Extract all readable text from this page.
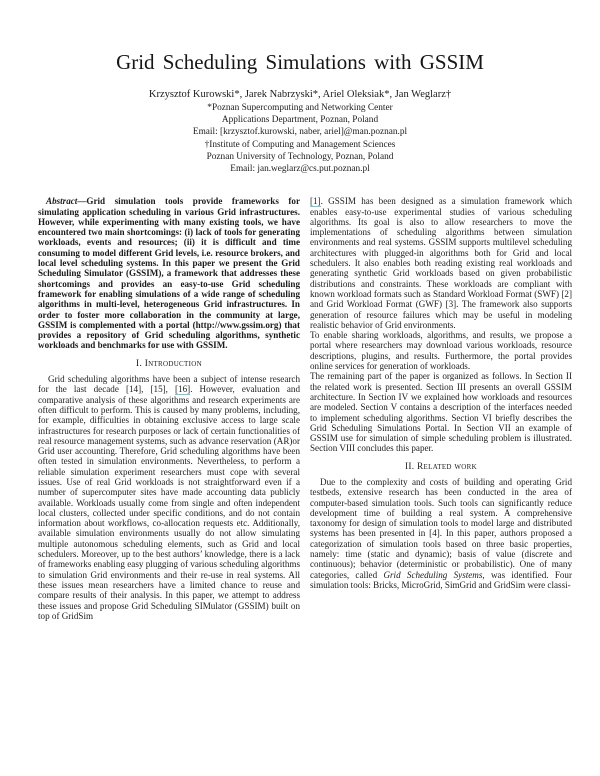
Grid Scheduling Simulations with GSSIM
Krzysztof Kurowski*, Jarek Nabrzyski*, Ariel Oleksiak*, Jan Weglarz†
*Poznan Supercomputing and Networking Center
Applications Department, Poznan, Poland
Email: [krzysztof.kurowski, naber, ariel]@man.poznan.pl
†Institute of Computing and Management Sciences
Poznan University of Technology, Poznan, Poland
Email: jan.weglarz@cs.put.poznan.pl

Abstract—Grid simulation tools provide frameworks for simulating application scheduling in various Grid infrastructures. However, while experimenting with many existing tools, we have encountered two main shortcomings: (i) lack of tools for generating workloads, events and resources; (ii) it is difficult and time consuming to model different Grid levels, i.e. resource brokers, and local level scheduling systems. In this paper we present the Grid Scheduling Simulator (GSSIM), a framework that addresses these shortcomings and provides an easy-to-use Grid scheduling framework for enabling simulations of a wide range of scheduling algorithms in multi-level, heterogeneous Grid infrastructures. In order to foster more collaboration in the community at large, GSSIM is complemented with a portal (http://www.gssim.org) that provides a repository of Grid scheduling algorithms, synthetic workloads and benchmarks for use with GSSIM.

I. Introduction

Grid scheduling algorithms have been a subject of intense research for the last decade [14], [15], [16]. However, evaluation and comparative analysis of these algorithms and research experiments are often difficult to perform. This is caused by many problems, including, for example, difficulties in obtaining exclusive access to large scale infrastructures for research purposes or lack of certain functionalities of real resource management systems, such as advance reservation (AR)or Grid user accounting. Therefore, Grid scheduling algorithms have been often tested in simulation environments. Nevertheless, to perform a reliable simulation experiment researchers must cope with several issues. Use of real Grid workloads is not straightforward even if a number of supercomputer sites have made accounting data publicly available. Workloads usually come from single and often independent local clusters, collected under specific conditions, and do not contain information about workflows, co-allocation requests etc. Additionally, available simulation environments usually do not allow simulating multiple autonomous scheduling elements, such as Grid and local schedulers. Moreover, up to the best authors’ knowledge, there is a lack of frameworks enabling easy plugging of various scheduling algorithms to simulation Grid environments and their re-use in real systems. All these issues mean researchers have a limited chance to reuse and compare results of their analysis. In this paper, we attempt to address these issues and propose Grid Scheduling SIMulator (GSSIM) built on top of GridSim

[1]. GSSIM has been designed as a simulation framework which enables easy-to-use experimental studies of various scheduling algorithms. Its goal is also to allow researchers to move the implementations of scheduling algorithms between simulation environments and real systems. GSSIM supports multilevel scheduling architectures with plugged-in algorithms both for Grid and local schedulers. It also enables both reading existing real workloads and generating synthetic Grid workloads based on given probabilistic distributions and constraints. These workloads are compliant with known workload formats such as Standard Workload Format (SWF) [2] and Grid Workload Format (GWF) [3]. The framework also supports generation of resource failures which may be useful in modeling realistic behavior of Grid environments.

To enable sharing workloads, algorithms, and results, we propose a portal where researchers may download various workloads, resource descriptions, plugins, and results. Furthermore, the portal provides online services for generation of workloads.

The remaining part of the paper is organized as follows. In Section II the related work is presented. Section III presents an overall GSSIM architecture. In Section IV we explained how workloads and resources are modeled. Section V contains a description of the interfaces needed to implement scheduling algorithms. Section VI briefly describes the Grid Scheduling Simulations Portal. In Section VII an example of GSSIM use for simulation of simple scheduling problem is illustrated. Section VIII concludes this paper.

II. Related work

Due to the complexity and costs of building and operating Grid testbeds, extensive research has been conducted in the area of computer-based simulation tools. Such tools can significantly reduce development time of building a real system. A comprehensive taxonomy for design of simulation tools to model large and distributed systems has been presented in [4]. In this paper, authors proposed a categorization of simulation tools based on three basic properties, namely: time (static and dynamic); basis of value (discrete and continuous); behavior (deterministic or probabilistic). One of many categories, called Grid Scheduling Systems, was identified. Four simulation tools: Bricks, MicroGrid, SimGrid and GridSim were classi-
